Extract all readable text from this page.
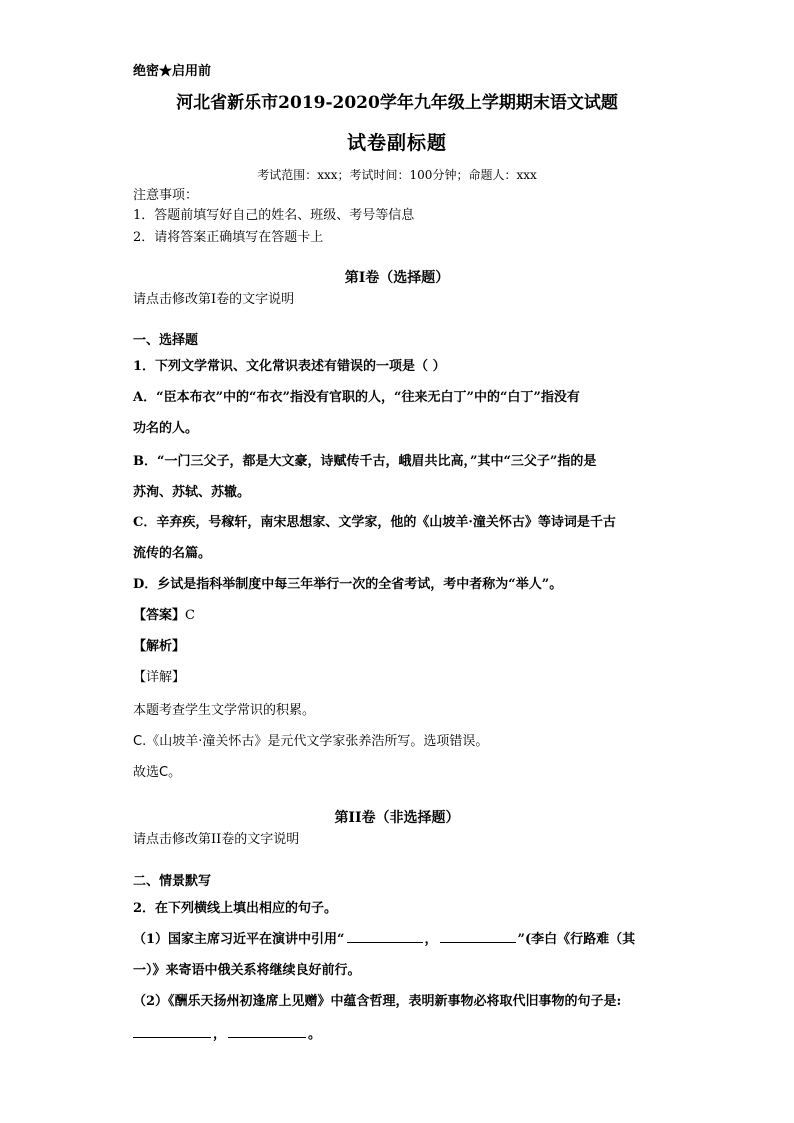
绝密★启用前
河北省新乐市2019-2020学年九年级上学期期末语文试题
试卷副标题
考试范围：xxx；考试时间：100分钟；命题人：xxx
注意事项：
1．答题前填写好自己的姓名、班级、考号等信息
2．请将答案正确填写在答题卡上
第I卷（选择题）
请点击修改第I卷的文字说明
一、选择题
1．下列文学常识、文化常识表述有错误的一项是（ ）
A．“臣本布衣”中的“布衣”指没有官职的人，“往来无白丁”中的“白丁”指没有
功名的人。
B．“一门三父子，都是大文豪，诗赋传千古，峨眉共比高，”其中“三父子”指的是
苏洵、苏轼、苏辙。
C．辛弃疾，号稼轩，南宋思想家、文学家，他的《山坡羊·潼关怀古》等诗词是千古
流传的名篇。
D．乡试是指科举制度中每三年举行一次的全省考试，考中者称为“举人”。
【答案】C
【解析】
【详解】
本题考查学生文学常识的积累。
C.《山坡羊·潼关怀古》是元代文学家张养浩所写。选项错误。
故选C。
第II卷（非选择题）
请点击修改第II卷的文字说明
二、情景默写
2．在下列横线上填出相应的句子。
（1）国家主席习近平在演讲中引用“	，	”(李白《行路难（其
一）》来寄语中俄关系将继续良好前行。
（2）《酬乐天扬州初逢席上见赠》中蕴含哲理，表明新事物必将取代旧事物的句子是:
，	。
